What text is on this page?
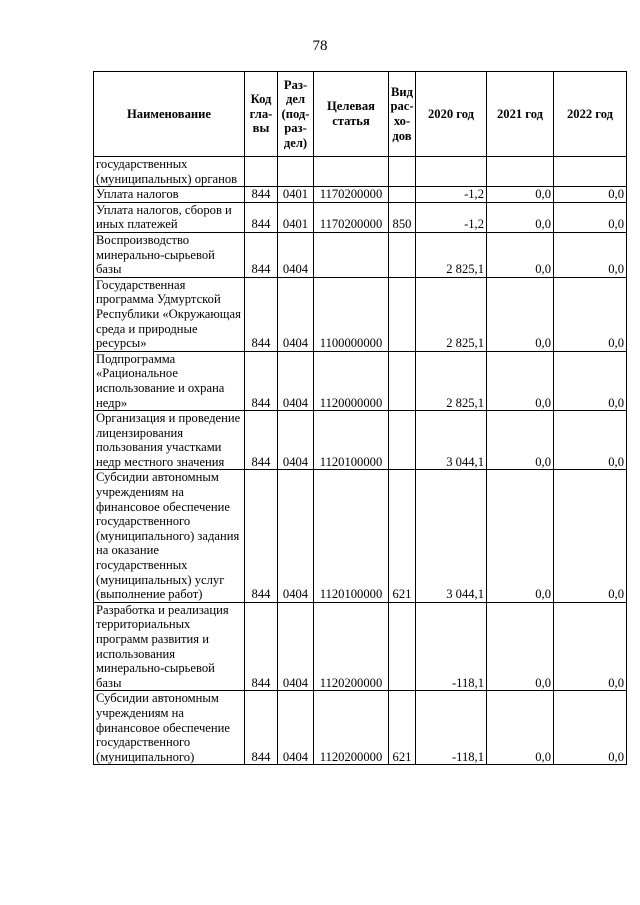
78
Наименование	Код гла-вы	Раз-дел (под-раз-дел)	Целевая статья	Вид рас-хо-дов	2020 год	2021 год	2022 год
государственных (муниципальных) органов							
Уплата налогов	844	0401	1170200000		-1,2	0,0	0,0
Уплата налогов, сборов и иных платежей	844	0401	1170200000	850	-1,2	0,0	0,0
Воспроизводство минерально-сырьевой базы	844	0404			2 825,1	0,0	0,0
Государственная программа Удмуртской Республики «Окружающая среда и природные ресурсы»	844	0404	1100000000		2 825,1	0,0	0,0
Подпрограмма «Рациональное использование и охрана недр»	844	0404	1120000000		2 825,1	0,0	0,0
Организация и проведение лицензирования пользования участками недр местного значения	844	0404	1120100000		3 044,1	0,0	0,0
Субсидии автономным учреждениям на финансовое обеспечение государственного (муниципального) задания на оказание государственных (муниципальных) услуг (выполнение работ)	844	0404	1120100000	621	3 044,1	0,0	0,0
Разработка и реализация территориальных программ развития и использования минерально-сырьевой базы	844	0404	1120200000		-118,1	0,0	0,0
Субсидии автономным учреждениям на финансовое обеспечение государственного (муниципального)	844	0404	1120200000	621	-118,1	0,0	0,0
